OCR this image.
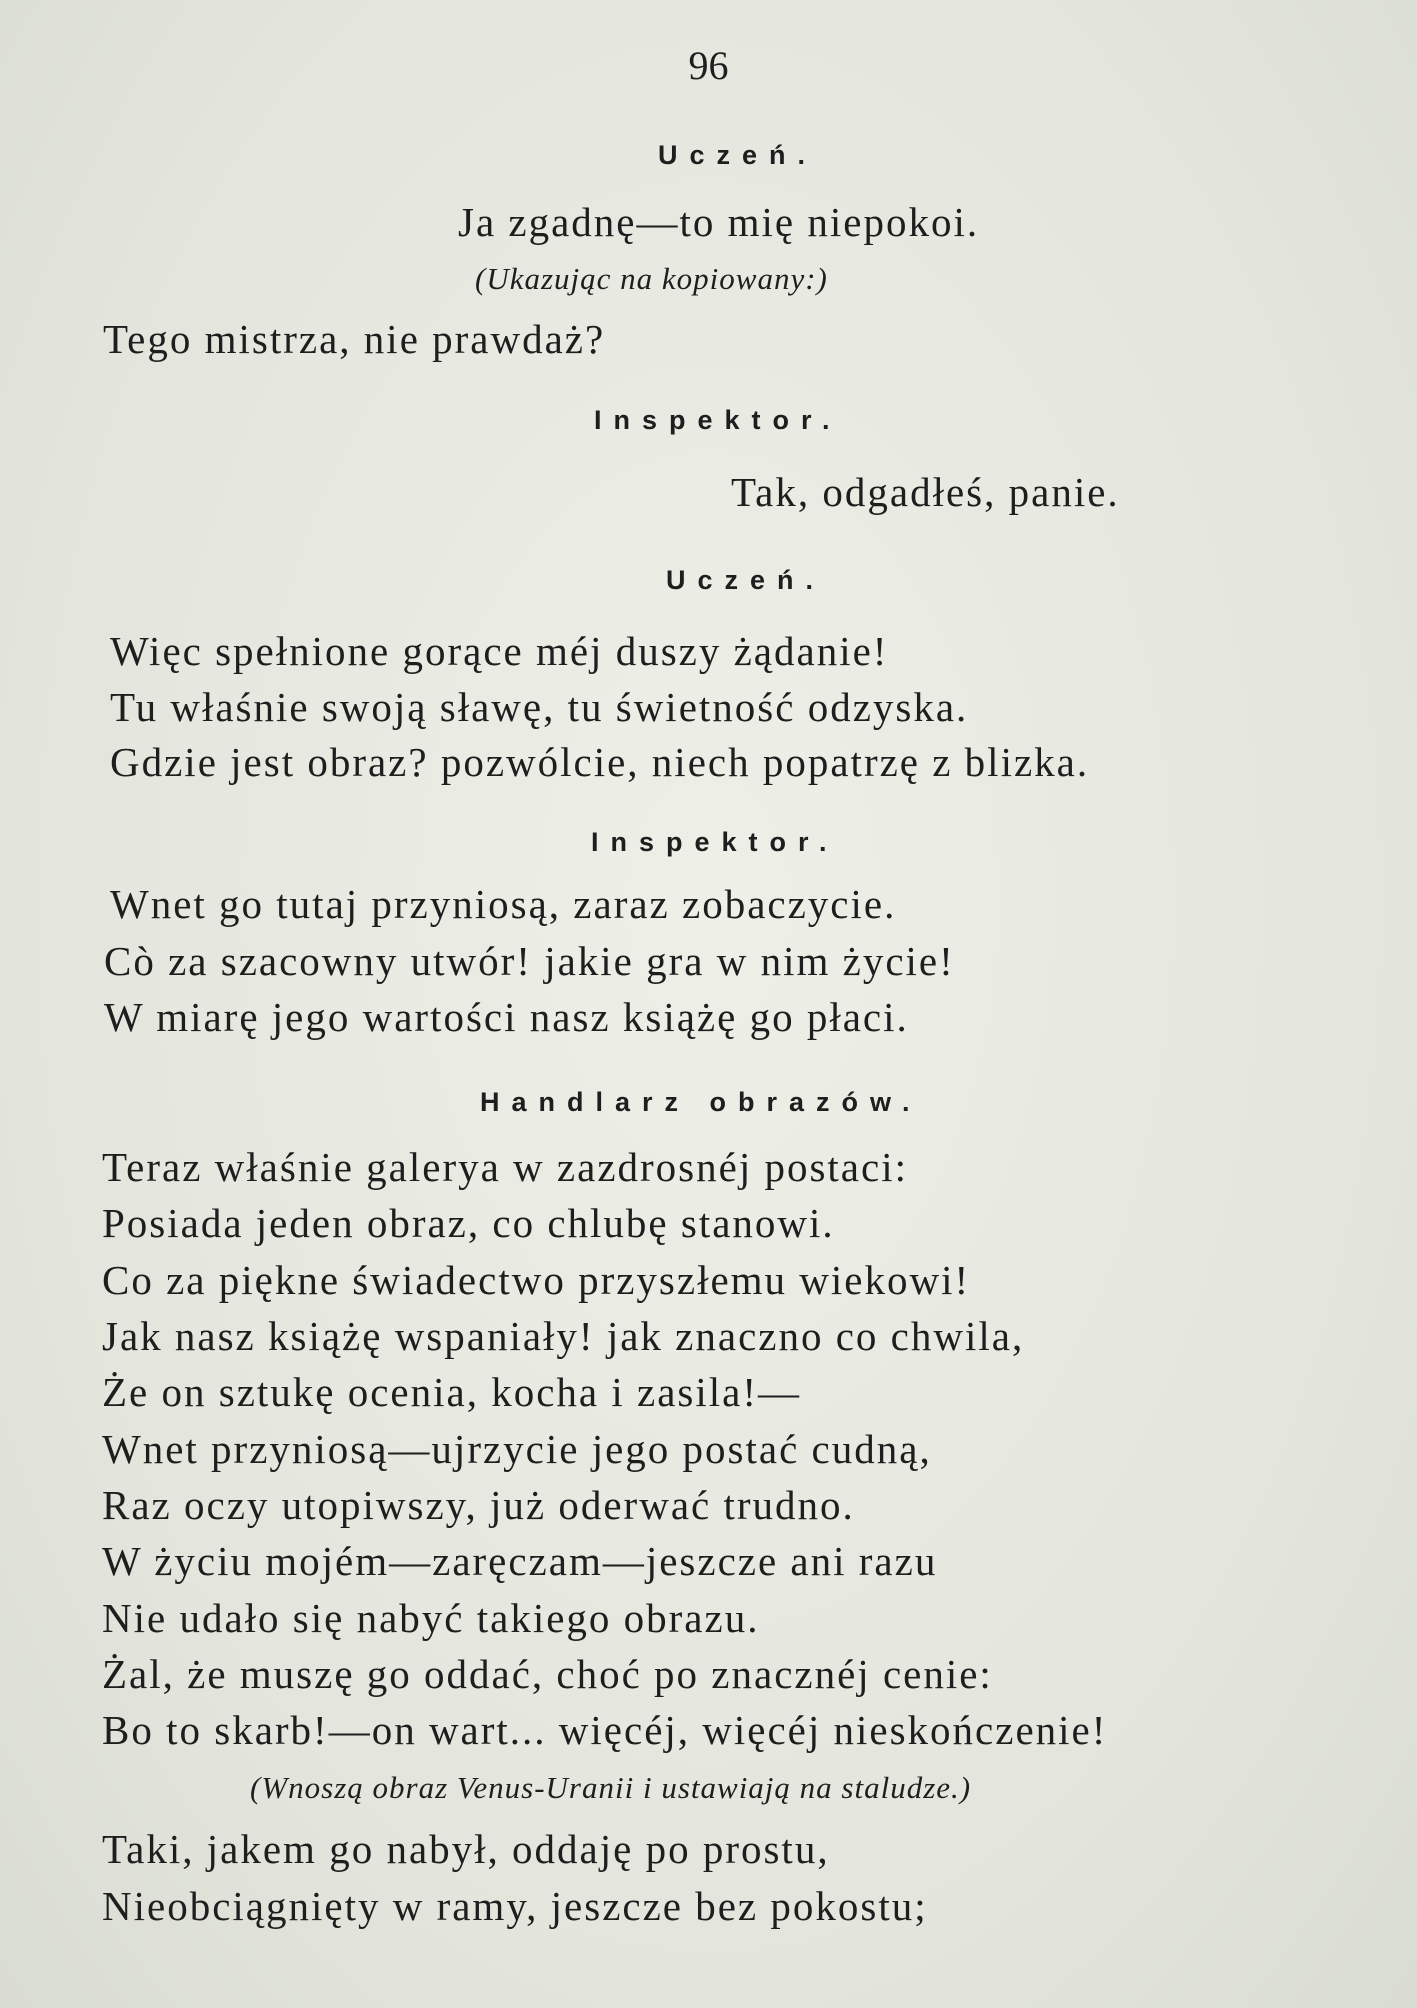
96
Uczeń.
Ja zgadnę—to mię niepokoi.
(Ukazując na kopiowany:)
Tego mistrza, nie prawdaż?
Inspektor.
Tak, odgadłeś, panie.
Uczeń.
Więc spełnione gorące méj duszy żądanie!
Tu właśnie swoją sławę, tu świetność odzyska.
Gdzie jest obraz? pozwólcie, niech popatrzę z blizka.
Inspektor.
Wnet go tutaj przyniosą, zaraz zobaczycie.
Cò za szacowny utwór! jakie gra w nim życie!
W miarę jego wartości nasz książę go płaci.
Handlarz obrazów.
Teraz właśnie galerya w zazdrosnéj postaci:
Posiada jeden obraz, co chlubę stanowi.
Co za piękne świadectwo przyszłemu wiekowi!
Jak nasz książę wspaniały! jak znaczno co chwila,
Że on sztukę ocenia, kocha i zasila!—
Wnet przyniosą—ujrzycie jego postać cudną,
Raz oczy utopiwszy, już oderwać trudno.
W życiu mojém—zaręczam—jeszcze ani razu
Nie udało się nabyć takiego obrazu.
Żal, że muszę go oddać, choć po znacznéj cenie:
Bo to skarb!—on wart... więcéj, więcéj nieskończenie!
(Wnoszą obraz Venus-Uranii i ustawiają na staludze.)
Taki, jakem go nabył, oddaję po prostu,
Nieobciągnięty w ramy, jeszcze bez pokostu;
